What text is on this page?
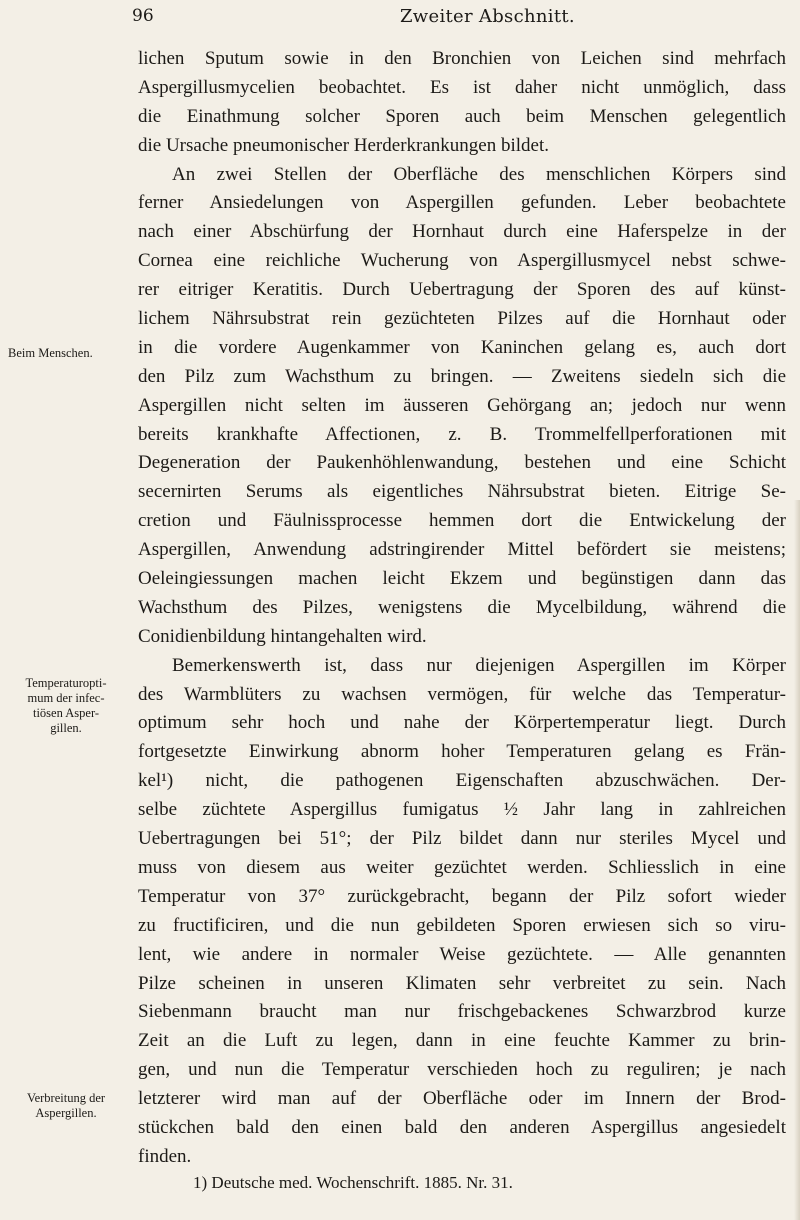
96	Zweiter Abschnitt.
Beim Menschen.
Temperaturopti-
mum der infec-
tiösen Asper-
gillen.
Verbreitung der
Aspergillen.
lichen Sputum sowie in den Bronchien von Leichen sind mehrfach
Aspergillusmycelien beobachtet. Es ist daher nicht unmöglich, dass
die Einathmung solcher Sporen auch beim Menschen gelegentlich
die Ursache pneumonischer Herderkrankungen bildet.
An zwei Stellen der Oberfläche des menschlichen Körpers sind
ferner Ansiedelungen von Aspergillen gefunden. Leber beobachtete
nach einer Abschürfung der Hornhaut durch eine Haferspelze in der
Cornea eine reichliche Wucherung von Aspergillusmycel nebst schwe-
rer eitriger Keratitis. Durch Uebertragung der Sporen des auf künst-
lichem Nährsubstrat rein gezüchteten Pilzes auf die Hornhaut oder
in die vordere Augenkammer von Kaninchen gelang es, auch dort
den Pilz zum Wachsthum zu bringen. — Zweitens siedeln sich die
Aspergillen nicht selten im äusseren Gehörgang an; jedoch nur wenn
bereits krankhafte Affectionen, z. B. Trommelfellperforationen mit
Degeneration der Paukenhöhlenwandung, bestehen und eine Schicht
secernirten Serums als eigentliches Nährsubstrat bieten. Eitrige Se-
cretion und Fäulnissprocesse hemmen dort die Entwickelung der
Aspergillen, Anwendung adstringirender Mittel befördert sie meistens;
Oeleingiessungen machen leicht Ekzem und begünstigen dann das
Wachsthum des Pilzes, wenigstens die Mycelbildung, während die
Conidienbildung hintangehalten wird.
Bemerkenswerth ist, dass nur diejenigen Aspergillen im Körper
des Warmblüters zu wachsen vermögen, für welche das Temperatur-
optimum sehr hoch und nahe der Körpertemperatur liegt. Durch
fortgesetzte Einwirkung abnorm hoher Temperaturen gelang es Frän-
kel¹) nicht, die pathogenen Eigenschaften abzuschwächen. Der-
selbe züchtete Aspergillus fumigatus ½ Jahr lang in zahlreichen
Uebertragungen bei 51°; der Pilz bildet dann nur steriles Mycel und
muss von diesem aus weiter gezüchtet werden. Schliesslich in eine
Temperatur von 37° zurückgebracht, begann der Pilz sofort wieder
zu fructificiren, und die nun gebildeten Sporen erwiesen sich so viru-
lent, wie andere in normaler Weise gezüchtete. — Alle genannten
Pilze scheinen in unseren Klimaten sehr verbreitet zu sein. Nach
Siebenmann braucht man nur frischgebackenes Schwarzbrod kurze
Zeit an die Luft zu legen, dann in eine feuchte Kammer zu brin-
gen, und nun die Temperatur verschieden hoch zu reguliren; je nach
letzterer wird man auf der Oberfläche oder im Innern der Brod-
stückchen bald den einen bald den anderen Aspergillus angesiedelt
finden.
1) Deutsche med. Wochenschrift. 1885. Nr. 31.
